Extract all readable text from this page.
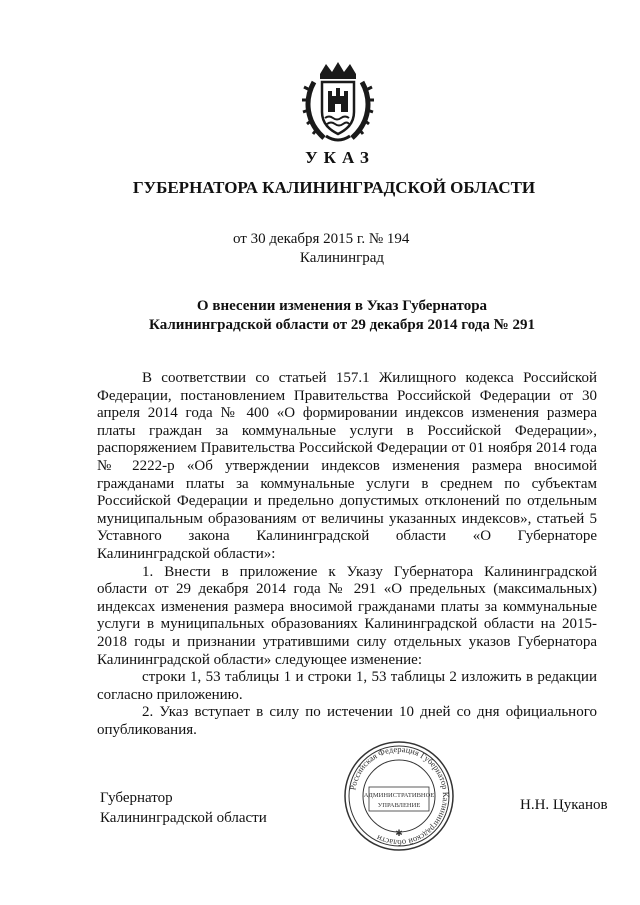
УКАЗ
ГУБЕРНАТОРА КАЛИНИНГРАДСКОЙ ОБЛАСТИ
от 30 декабря 2015 г. № 194
Калининград
О внесении изменения в Указ Губернатора
Калининградской области от 29 декабря 2014 года № 291

В соответствии со статьей 157.1 Жилищного кодекса Российской Федерации, постановлением Правительства Российской Федерации от 30 апреля 2014 года № 400 «О формировании индексов изменения размера платы граждан за коммунальные услуги в Российской Федерации», распоряжением Правительства Российской Федерации от 01 ноября 2014 года № 2222-р «Об утверждении индексов изменения размера вносимой гражданами платы за коммунальные услуги в среднем по субъектам Российской Федерации и предельно допустимых отклонений по отдельным муниципальным образованиям от величины указанных индексов», статьей 5 Уставного закона Калининградской области «О Губернаторе Калининградской области»:

1. Внести в приложение к Указу Губернатора Калининградской области от 29 декабря 2014 года № 291 «О предельных (максимальных) индексах изменения размера вносимой гражданами платы за коммунальные услуги в муниципальных образованиях Калининградской области на 2015-2018 годы и признании утратившими силу отдельных указов Губернатора Калининградской области» следующее изменение:

строки 1, 53 таблицы 1 и строки 1, 53 таблицы 2 изложить в редакции согласно приложению.

2. Указ вступает в силу по истечении 10 дней со дня официального опубликования.

Губернатор
Калининградской области
Н.Н. Цуканов
Российская Федерация Губернатор Калининградской области
АДМИНИСТРАТИВНОЕ
УПРАВЛЕНИЕ
✱
